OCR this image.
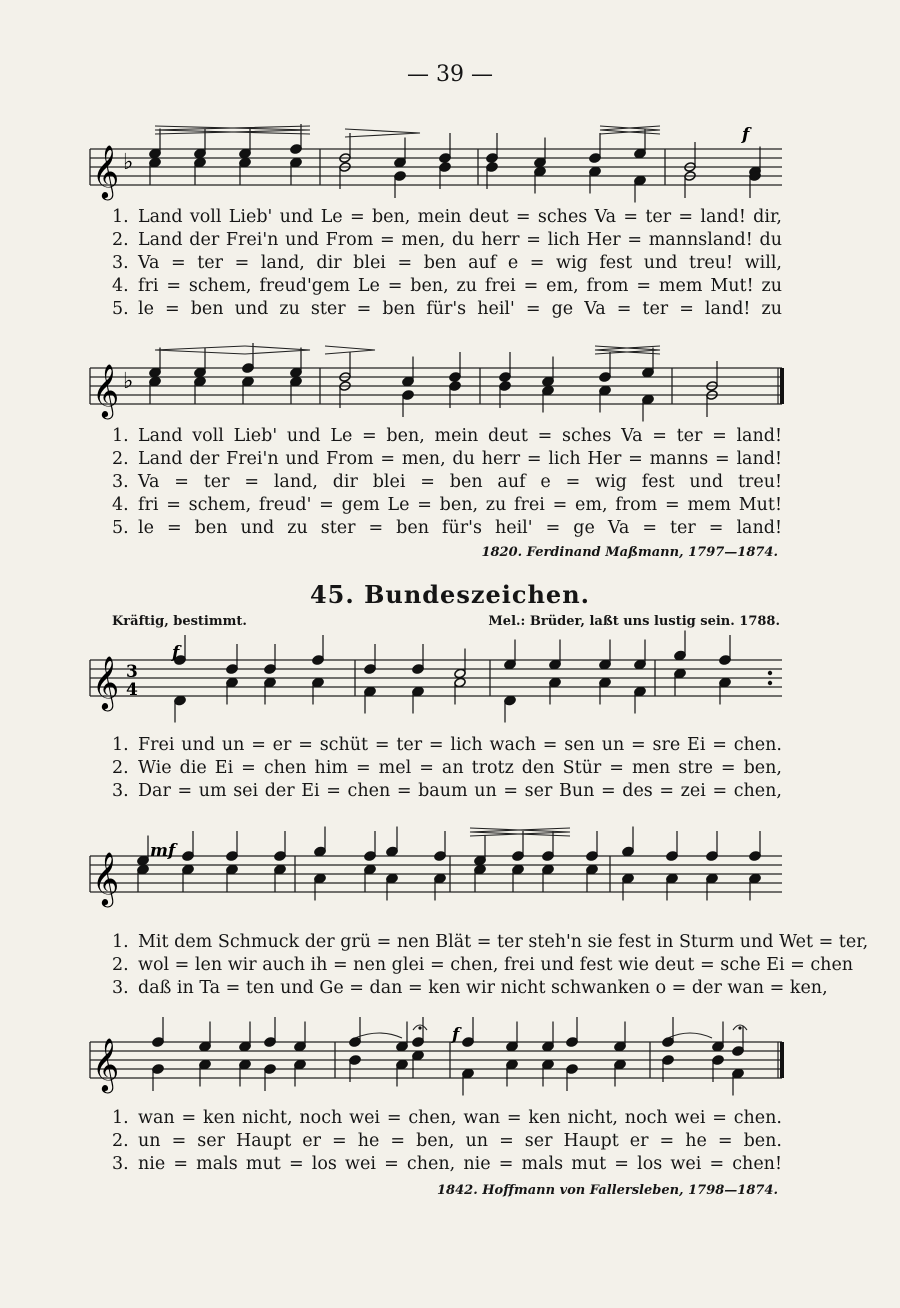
— 39 —
𝄞 ♭
f
𝄞 ♭
𝄞 3
4
f
𝄞 mf
𝄞
f
1. Land voll Lieb' und Le = ben, mein deut = sches Va = ter = land! dir,
2. Land der Frei'n und From = men, du herr = lich Her = mannsland! du
3. Va = ter = land, dir blei = ben auf e = wig fest und treu! will,
4. fri = schem, freud'gem Le = ben, zu frei = em, from = mem Mut! zu
5. le = ben und zu ster = ben für's heil' = ge Va = ter = land! zu
1. Land voll Lieb' und Le = ben, mein deut = sches Va = ter = land!
2. Land der Frei'n und From = men, du herr = lich Her = manns = land!
3. Va = ter = land, dir blei = ben auf e = wig fest und treu!
4. fri = schem, freud' = gem Le = ben, zu frei = em, from = mem Mut!
5. le = ben und zu ster = ben für's heil' = ge Va = ter = land!
1820. Ferdinand Maßmann, 1797—1874.
45. Bundeszeichen.
Kräftig, bestimmt.	Mel.: Brüder, laßt uns lustig sein. 1788.
1. Frei und un = er = schüt = ter = lich wach = sen un = sre Ei = chen.
2. Wie die Ei = chen him = mel = an trotz den Stür = men stre = ben,
3. Dar = um sei der Ei = chen = baum un = ser Bun = des = zei = chen,
1. Mit dem Schmuck der grü = nen Blät = ter steh'n sie fest in Sturm und Wet = ter,
2. wol = len wir auch ih = nen glei = chen, frei und fest wie deut = sche Ei = chen
3. daß in Ta = ten und Ge = dan = ken wir nicht schwanken o = der wan = ken,
1. wan = ken nicht, noch wei = chen, wan = ken nicht, noch wei = chen.
2. un = ser Haupt er = he = ben, un = ser Haupt er = he = ben.
3. nie = mals mut = los wei = chen, nie = mals mut = los wei = chen!
1842. Hoffmann von Fallersleben, 1798—1874.
